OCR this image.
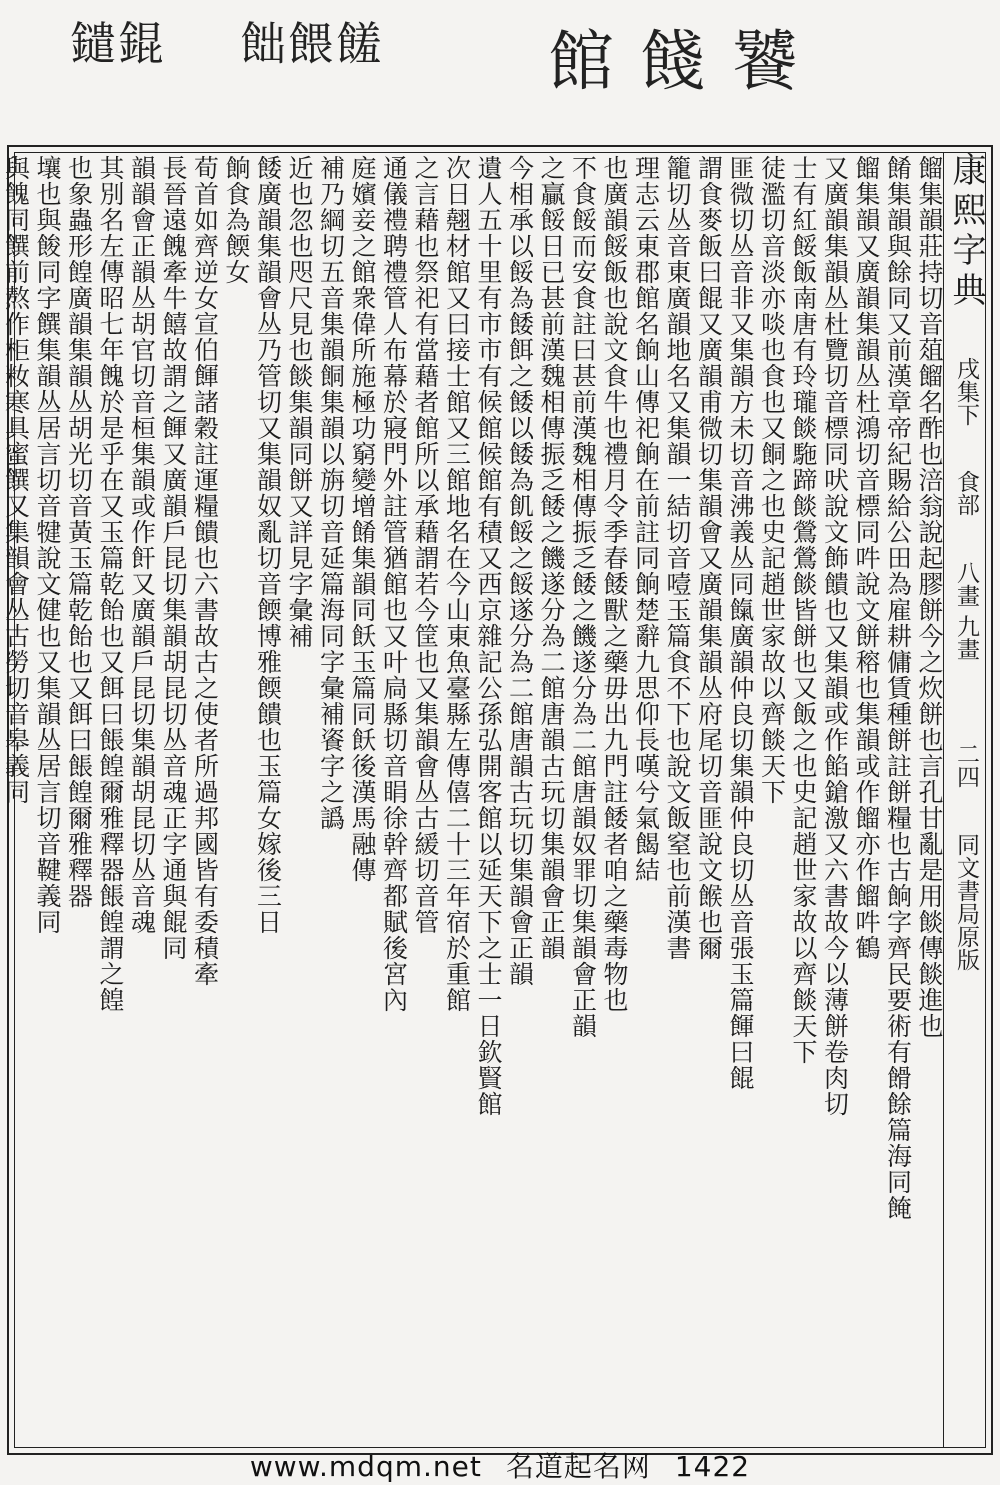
鑓錕 飿餵饈 館餞饕
康熙字典  戌集下  食部  八畫 九畫   二四  同文書局原版
餾集韻莊持切音葅餾名酢也涪翁說起膠餅今之炊餅也言孔甘亂是用餤傳餤進也
餚集韻與餘同又前漢章帝紀賜給公田為雇耕傭賃種餅註餅糧也古餉字齊民要術有餶餘篇海同餣
餾集韻又廣韻集韻丛杜鴻切音標同吽說文餅穃也集韻或作餾亦作餾吽鶴
又廣韻集韻丛杜覽切音標同吠說文飾饋也又集韻或作餡鎗激又六書故今以薄餅卷肉切
士有紅餒飯南唐有玲瓏餤駞蹄餤鶯鶯餤皆餅也又飯之也史記趙世家故以齊餤天下
徒濫切音淡亦啖也食也又餇之也史記趙世家故以齊餤天下
匪微切丛音非又集韻方未切音沸義丛同餼廣韻仲良切集韻仲良切丛音張玉篇餫曰餛
謂食麥飯曰餛又廣韻甫微切集韻會又廣韻集韻丛府尾切音匪說文餱也爾
籠切丛音東廣韻地名又集韻一結切音噎玉篇食不下也說文飯窒也前漢書
理志云東郡館名餉山傳祀餉在前註同餉楚辭九思仰長嘆兮氣餲結
也廣韻餒飯也說文食牛也禮月令季春餧獸之藥毋出九門註餧者咱之藥毒物也
不食餒而安食註曰甚前漢魏相傳振乏餧之饑遂分為二館唐韻奴罪切集韻會正韻
之贏餒日已甚前漢魏相傳振乏餧之饑遂分為二館唐韻古玩切集韻會正韻
今相承以餒為餧餌之餧以餧為飢餒之餒遂分為二館唐韻古玩切集韻會正韻
遺人五十里有市市有候館候館有積又西京雜記公孫弘開客館以延天下之士一日欽賢館
次日翹材館又曰接士館又三館地名在今山東魚臺縣左傳僖二十三年宿於重館
之言藉也祭祀有當藉者館所以承藉謂若今筐也又集韻會丛古緩切音管
通儀禮聘禮管人布幕於寢門外註管猶館也又叶扃縣切音睊徐幹齊都賦後宮內
庭嬪妾之館衆偉所施極功窮變增餚集韻同飫玉篇同飫後漢馬融傳
補乃綱切五音集韻餇集韻以旃切音延篇海同字彙補餈字之譌
近也忽也咫尺見也餤集韻同餅又詳見字彙補
餧廣韻集韻會丛乃管切又集韻奴亂切音餪博雅餪饋也玉篇女嫁後三日
餉食為餪女
荀首如齊逆女宣伯餫諸穀註運糧饋也六書故古之使者所過邦國皆有委積牽
長晉遠餽牽牛饎故謂之餫又廣韻戶昆切集韻胡昆切丛音魂正字通與餛同
韻韻會正韻丛胡官切音桓集韻或作飦又廣韻戶昆切集韻胡昆切丛音魂
其別名左傳昭七年餽於是乎在又玉篇乾飴也又餌曰餦餭爾雅釋器餦餭謂之餭
也象蟲形餭廣韻集韻丛胡光切音黃玉篇乾飴也又餌曰餦餭爾雅釋器
壤也與餕同字饌集韻丛居言切音犍說文健也又集韻丛居言切音鞬義同
與餽同饌前熬作柜籹寒具蜜饌又集韻會丛古勞切音皋義同
www.mdqm.net 名道起名网 1422
